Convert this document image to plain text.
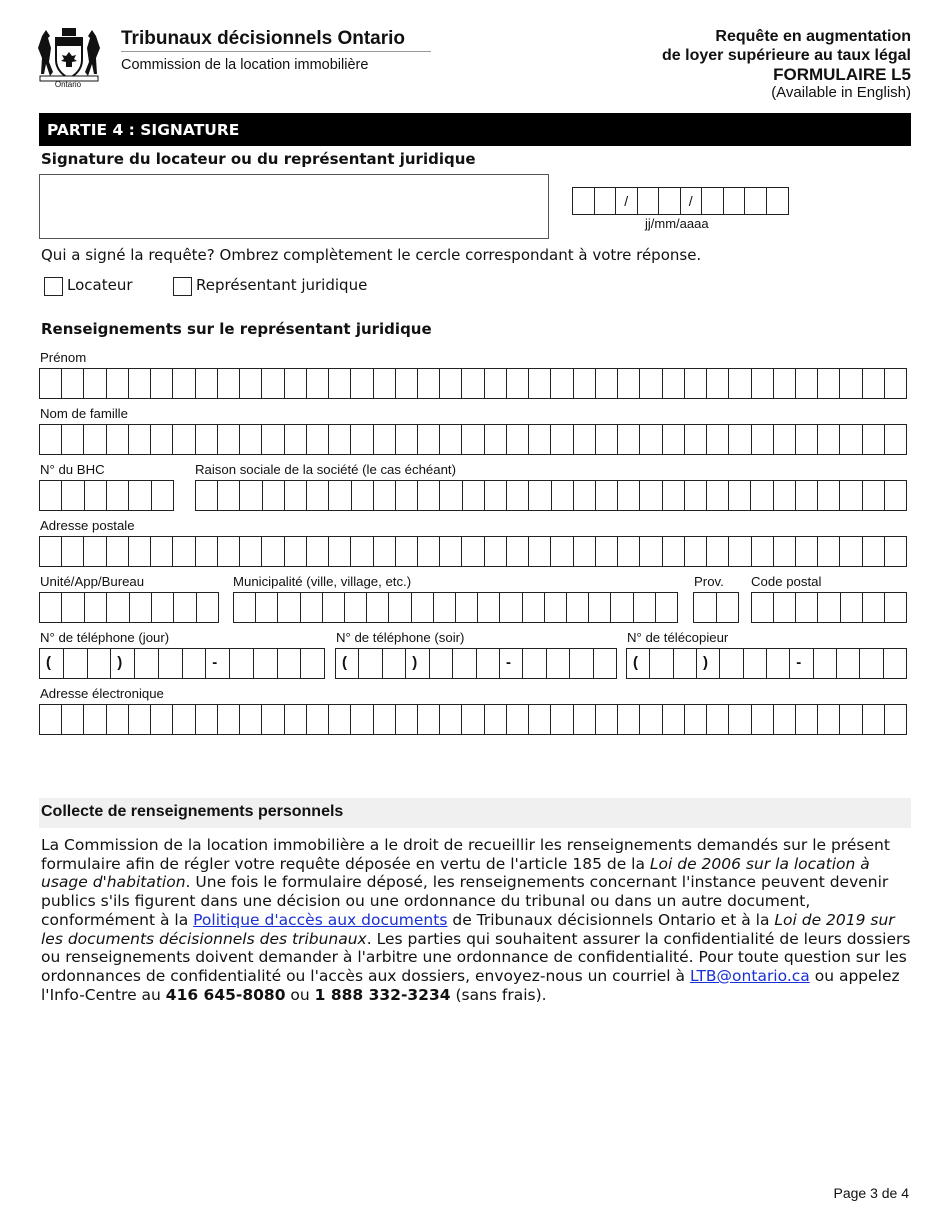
Ontario
Tribunaux décisionnels Ontario
Commission de la location immobilière
Requête en augmentation
de loyer supérieure au taux légal
FORMULAIRE L5
(Available in English)
PARTIE 4 : SIGNATURE
Signature du locateur ou du représentant juridique
/	/
jj/mm/aaaa
Qui a signé la requête? Ombrez complètement le cercle correspondant à votre réponse.
Locateur	Représentant juridique
Renseignements sur le représentant juridique
Prénom
Nom de famille
N° du BHC	Raison sociale de la société (le cas échéant)
Adresse postale
Unité/App/Bureau	Municipalité (ville, village, etc.)	Prov. Code postal
N° de téléphone (jour)
(	)	-
N° de téléphone (soir)
(	)	-
N° de télécopieur
(	)	-
Adresse électronique
Collecte de renseignements personnels
La Commission de la location immobilière a le droit de recueillir les renseignements demandés sur le présent formulaire afin de régler votre requête déposée en vertu de l'article 185 de la Loi de 2006 sur la location à usage d'habitation. Une fois le formulaire déposé, les renseignements concernant l'instance peuvent devenir publics s'ils figurent dans une décision ou une ordonnance du tribunal ou dans un autre document, conformément à la Politique d'accès aux documents de Tribunaux décisionnels Ontario et à la Loi de 2019 sur les documents décisionnels des tribunaux. Les parties qui souhaitent assurer la confidentialité de leurs dossiers ou renseignements doivent demander à l'arbitre une ordonnance de confidentialité. Pour toute question sur les ordonnances de confidentialité ou l'accès aux dossiers, envoyez-nous un courriel à LTB@ontario.ca ou appelez l'Info-Centre au 416 645-8080 ou 1 888 332-3234 (sans frais).
Page 3 de 4
